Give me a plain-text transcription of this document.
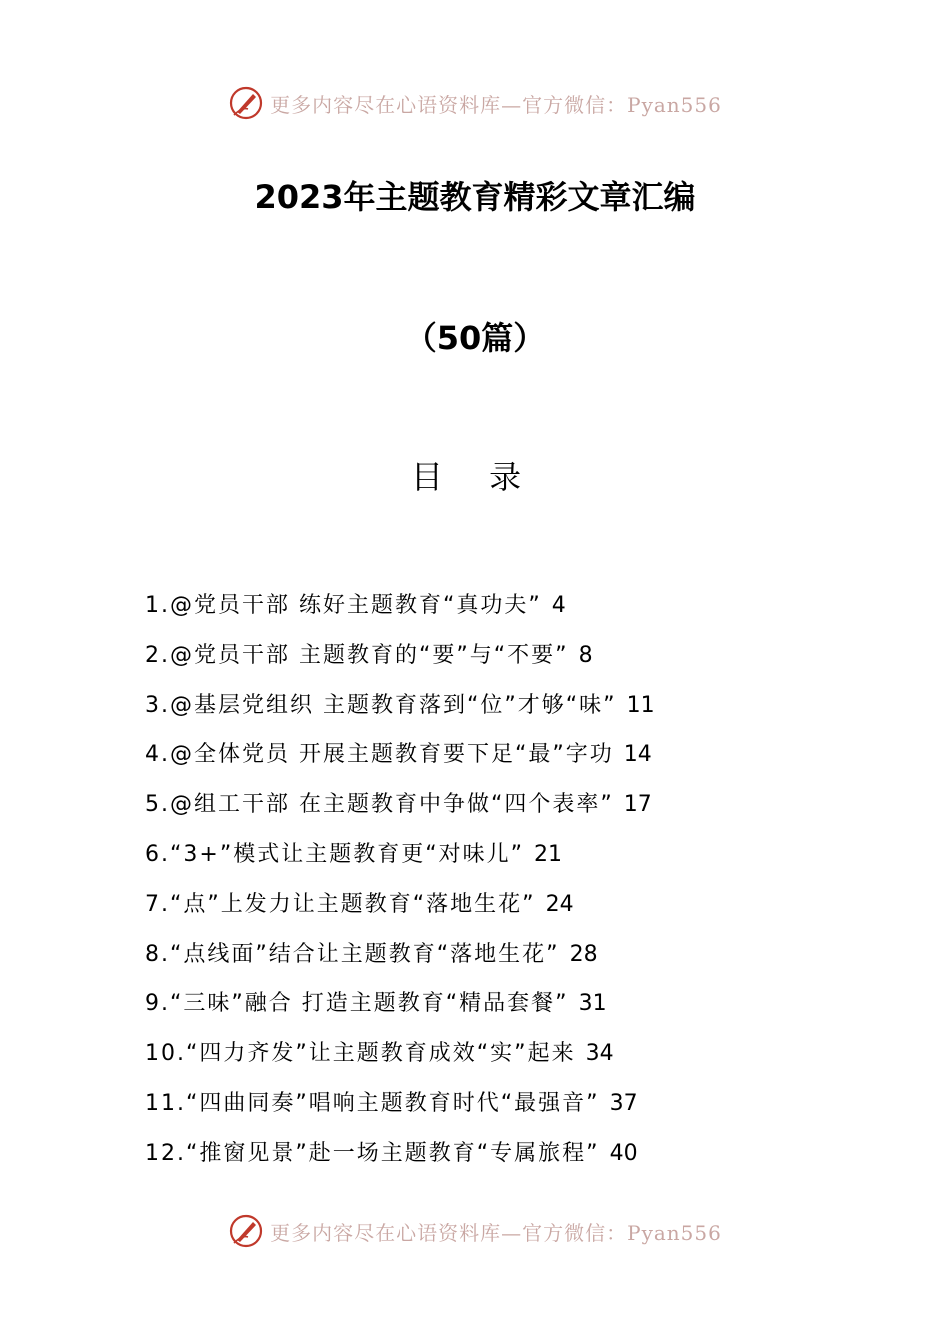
更多内容尽在心语资料库—官方微信：Pyan556
2023年主题教育精彩文章汇编
（50篇）
目 录
1.@党员干部 练好主题教育“真功夫” 4
2.@党员干部 主题教育的“要”与“不要” 8
3.@基层党组织 主题教育落到“位”才够“味” 11
4.@全体党员 开展主题教育要下足“最”字功 14
5.@组工干部 在主题教育中争做“四个表率” 17
6.“3+”模式让主题教育更“对味儿” 21
7.“点”上发力让主题教育“落地生花” 24
8.“点线面”结合让主题教育“落地生花” 28
9.“三味”融合 打造主题教育“精品套餐” 31
10.“四力齐发”让主题教育成效“实”起来 34
11.“四曲同奏”唱响主题教育时代“最强音” 37
12.“推窗见景”赴一场主题教育“专属旅程” 40
更多内容尽在心语资料库—官方微信：Pyan556
